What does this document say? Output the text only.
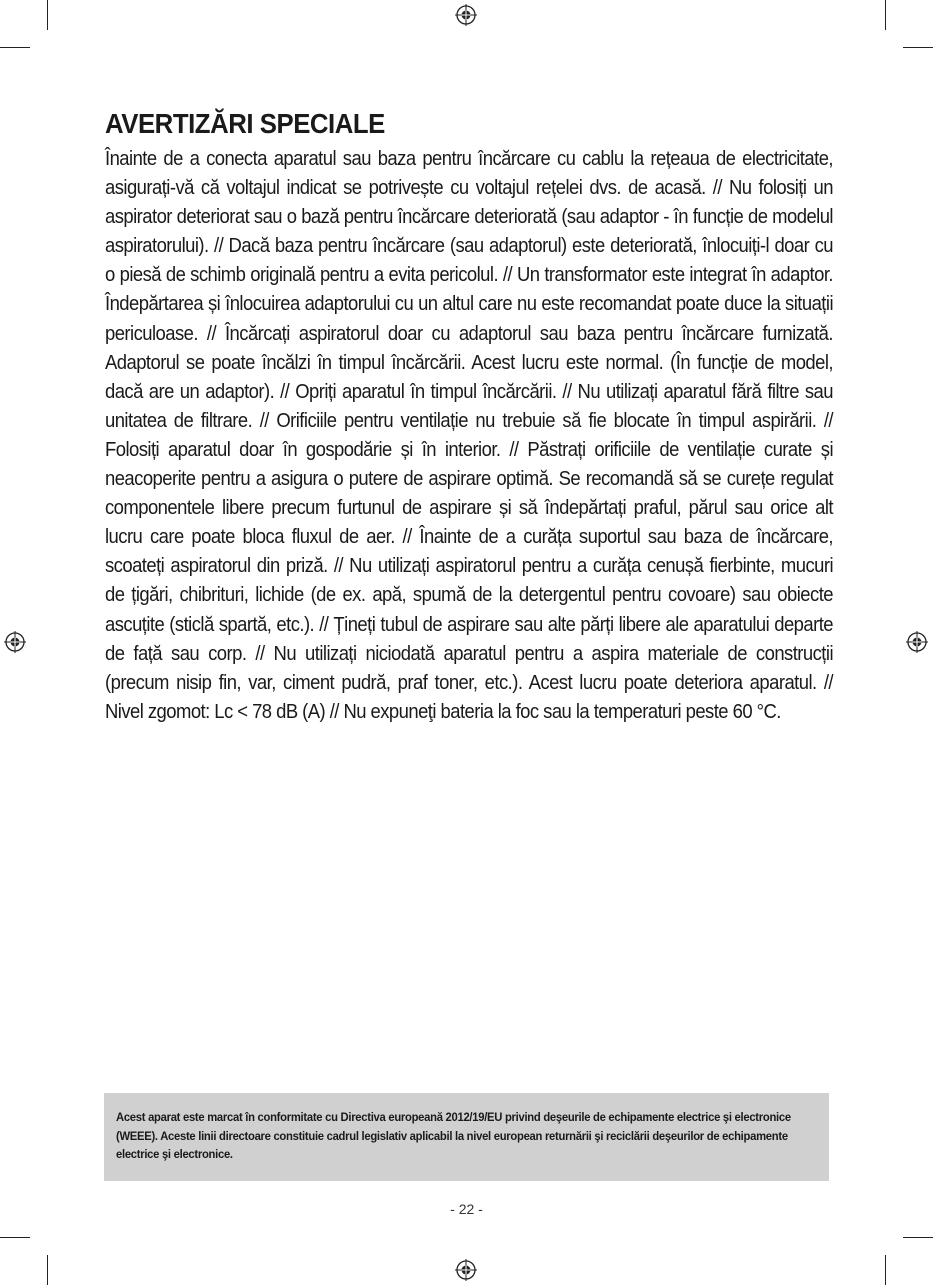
AVERTIZĂRI SPECIALE
Înainte de a conecta aparatul sau baza pentru încărcare cu cablu la rețeaua de electricitate, asigurați-vă că voltajul indicat se potrivește cu voltajul rețelei dvs. de acasă. // Nu folosiți un aspirator deteriorat sau o bază pentru încărcare deteriorată (sau adaptor - în funcție de modelul aspiratorului). // Dacă baza pentru încărcare (sau adaptorul) este deteriorată, înlocuiți-l doar cu o piesă de schimb originală pentru a evita pericolul. // Un transformator este integrat în adaptor. Îndepărtarea și înlocuirea adaptorului cu un altul care nu este recomandat poate duce la situații periculoase. // Încărcați aspiratorul doar cu adaptorul sau baza pentru încărcare furnizată. Adaptorul se poate încălzi în timpul încărcării. Acest lucru este normal. (În funcție de model, dacă are un adaptor). // Opriți aparatul în timpul încărcării. // Nu utilizați aparatul fără filtre sau unitatea de filtrare. // Orificiile pentru ventilație nu trebuie să fie blocate în timpul aspirării. // Folosiți aparatul doar în gospodărie și în interior. // Păstrați orificiile de ventilație curate și neacoperite pentru a asigura o putere de aspirare optimă. Se recomandă să se curețe regulat componentele libere precum furtunul de aspirare și să îndepărtați praful, părul sau orice alt lucru care poate bloca fluxul de aer. // Înainte de a curăța suportul sau baza de încărcare, scoateți aspiratorul din priză. // Nu utilizați aspiratorul pentru a curăța cenușă fierbinte, mucuri de țigări, chibrituri, lichide (de ex. apă, spumă de la detergentul pentru covoare) sau obiecte ascuțite (sticlă spartă, etc.). // Țineți tubul de aspirare sau alte părți libere ale aparatului departe de față sau corp. // Nu utilizați niciodată aparatul pentru a aspira materiale de construcții (precum nisip fin, var, ciment pudră, praf toner, etc.). Acest lucru poate deteriora aparatul. // Nivel zgomot: Lc < 78 dB (A) // Nu expuneţi bateria la foc sau la temperaturi peste 60 °C.

Acest aparat este marcat în conformitate cu Directiva europeană 2012/19/EU privind deşeurile de echipamente electrice şi electronice (WEEE). Aceste linii directoare constituie cadrul legislativ aplicabil la nivel european returnării şi reciclării deşeurilor de echipamente electrice şi electronice.

- 22 -
